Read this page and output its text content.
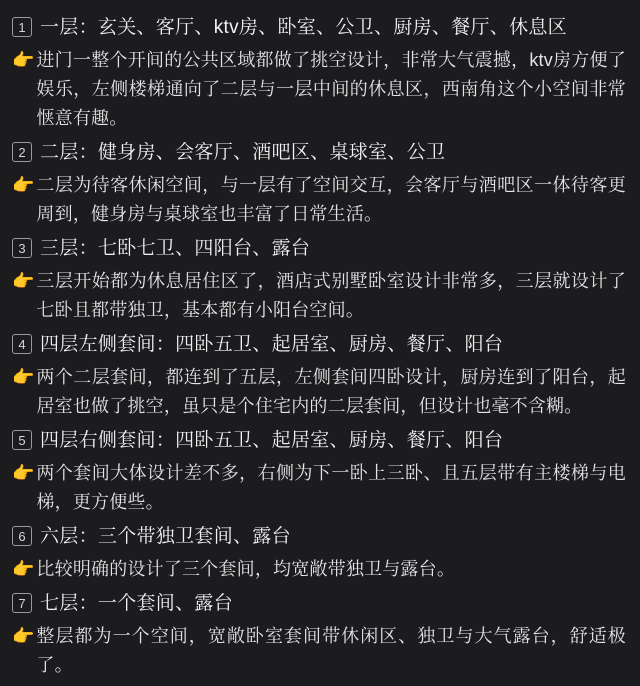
1 一层：玄关、客厅、ktv房、卧室、公卫、厨房、餐厅、休息区
👉 进门一整个开间的公共区域都做了挑空设计，非常大气震撼，ktv房方便了娱乐，左侧楼梯通向了二层与一层中间的休息区，西南角这个小空间非常惬意有趣。
2 二层：健身房、会客厅、酒吧区、桌球室、公卫
👉 二层为待客休闲空间，与一层有了空间交互，会客厅与酒吧区一体待客更周到，健身房与桌球室也丰富了日常生活。
3 三层：七卧七卫、四阳台、露台
👉 三层开始都为休息居住区了，酒店式别墅卧室设计非常多，三层就设计了七卧且都带独卫，基本都有小阳台空间。
4 四层左侧套间：四卧五卫、起居室、厨房、餐厅、阳台
👉 两个二层套间，都连到了五层，左侧套间四卧设计，厨房连到了阳台，起居室也做了挑空，虽只是个住宅内的二层套间，但设计也毫不含糊。
5 四层右侧套间：四卧五卫、起居室、厨房、餐厅、阳台
👉 两个套间大体设计差不多，右侧为下一卧上三卧、且五层带有主楼梯与电梯，更方便些。
6 六层：三个带独卫套间、露台
👉 比较明确的设计了三个套间，均宽敞带独卫与露台。
7 七层：一个套间、露台
👉 整层都为一个空间，宽敞卧室套间带休闲区、独卫与大气露台，舒适极了。
